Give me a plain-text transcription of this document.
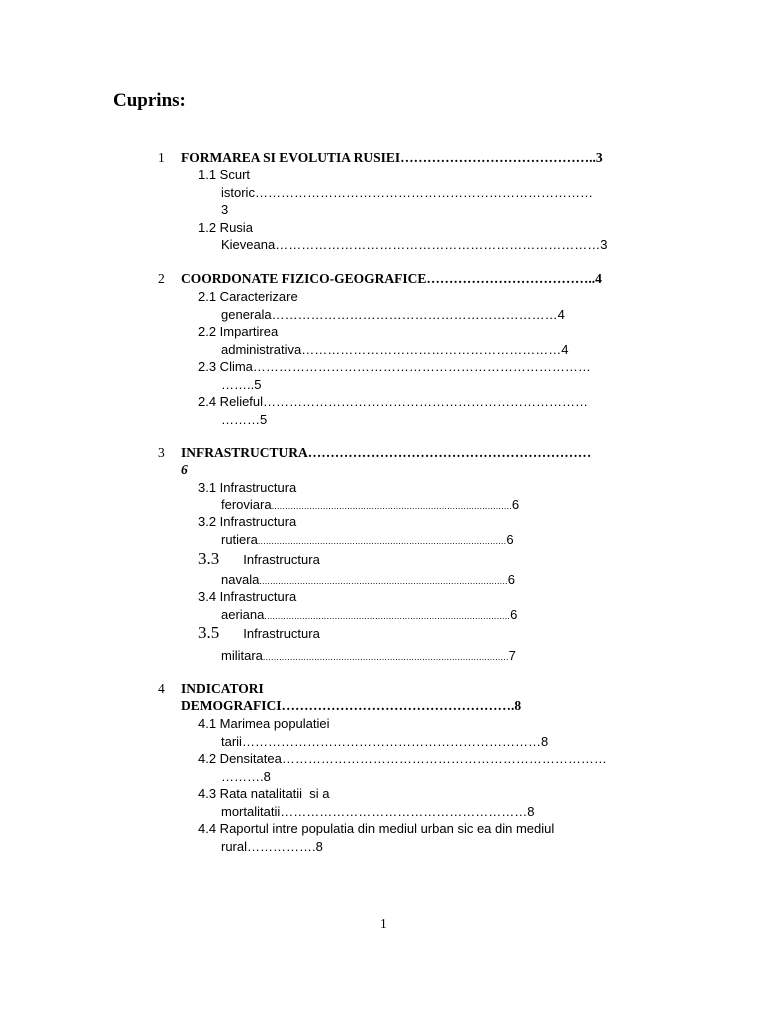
Cuprins:
1 FORMAREA SI EVOLUTIA RUSIEI……………………………………..3
1.1 Scurt
istoric……………………………………………………………………
3
1.2 Rusia
Kieveana…………………………………………………………………3
2 COORDONATE FIZICO-GEOGRAFICE………………………………..4
2.1 Caracterizare
generala…………………………………………………………4
2.2 Impartirea
administrativa……………………………………………………4
2.3 Clima……………………………………………………………………
……..5
2.4 Relieful…………………………………………………………………
………5
3 INFRASTRUCTURA………………………………………………………
6
3.1 Infrastructura
feroviara.........................................................................................6
3.2 Infrastructura
rutiera............................................................................................6
3.3 Infrastructura
navala............................................................................................6
3.4 Infrastructura
aeriana...........................................................................................6
3.5 Infrastructura
militara...........................................................................................7
4 INDICATORI
DEMOGRAFICI…………………………………………….8
4.1 Marimea populatiei
tarii……………………………………………………………8
4.2 Densitatea…………………………………………………………………
……….8
4.3 Rata natalitatii  si a
mortalitatii…………………………………………………8
4.4 Raportul intre populatia din mediul urban sic ea din mediul
rural…………….8
1
